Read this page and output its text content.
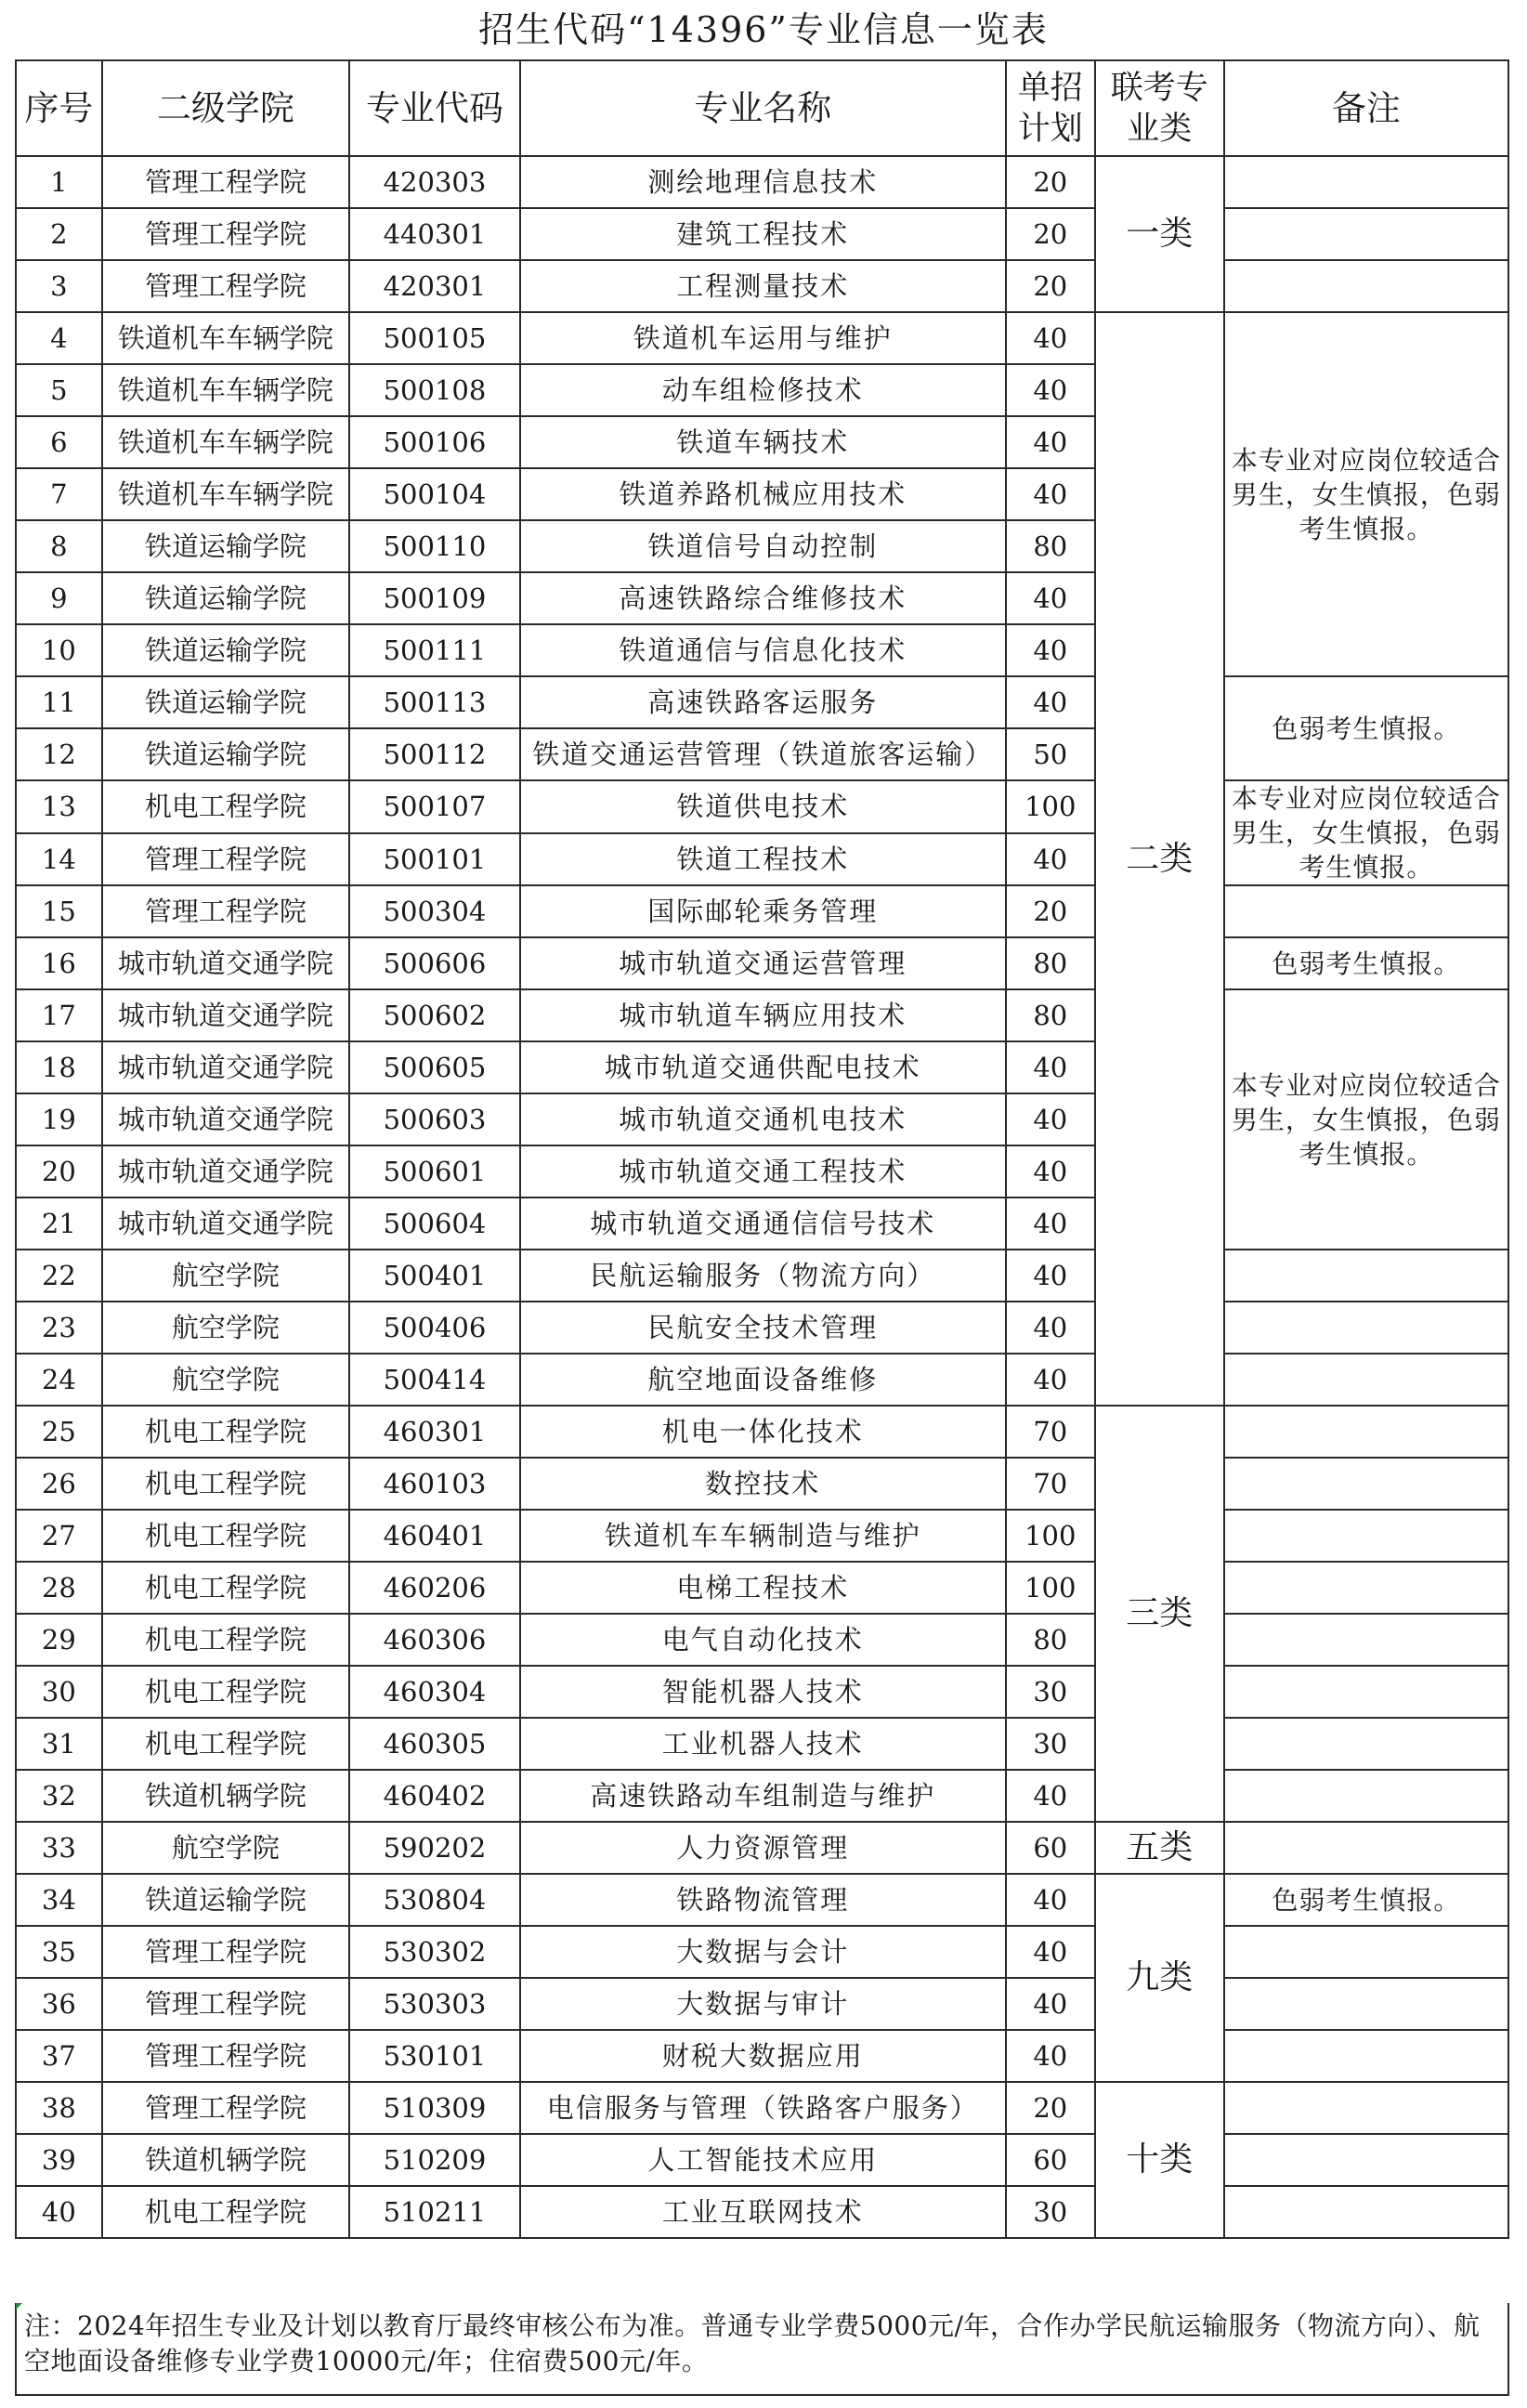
招生代码“14396”专业信息一览表
序号	二级学院	专业代码	专业名称	单招计划	联考专业类	备注
1	管理工程学院	420303	测绘地理信息技术	20	一类	
2	管理工程学院	440301	建筑工程技术	20		
3	管理工程学院	420301	工程测量技术	20		
4	铁道机车车辆学院	500105	铁道机车运用与维护	40	二类	本专业对应岗位较适合男生，女生慎报，色弱考生慎报。
5	铁道机车车辆学院	500108	动车组检修技术	40		
6	铁道机车车辆学院	500106	铁道车辆技术	40		
7	铁道机车车辆学院	500104	铁道养路机械应用技术	40		
8	铁道运输学院	500110	铁道信号自动控制	80		
9	铁道运输学院	500109	高速铁路综合维修技术	40		
10	铁道运输学院	500111	铁道通信与信息化技术	40		
11	铁道运输学院	500113	高速铁路客运服务	40		色弱考生慎报。
12	铁道运输学院	500112	铁道交通运营管理（铁道旅客运输）	50		
13	机电工程学院	500107	铁道供电技术	100		本专业对应岗位较适合男生，女生慎报，色弱考生慎报。
14	管理工程学院	500101	铁道工程技术	40		
15	管理工程学院	500304	国际邮轮乘务管理	20		
16	城市轨道交通学院	500606	城市轨道交通运营管理	80		色弱考生慎报。
17	城市轨道交通学院	500602	城市轨道车辆应用技术	80		本专业对应岗位较适合男生，女生慎报，色弱考生慎报。
18	城市轨道交通学院	500605	城市轨道交通供配电技术	40		
19	城市轨道交通学院	500603	城市轨道交通机电技术	40		
20	城市轨道交通学院	500601	城市轨道交通工程技术	40		
21	城市轨道交通学院	500604	城市轨道交通通信信号技术	40		
22	航空学院	500401	民航运输服务（物流方向）	40		
23	航空学院	500406	民航安全技术管理	40		
24	航空学院	500414	航空地面设备维修	40		
25	机电工程学院	460301	机电一体化技术	70	三类	
26	机电工程学院	460103	数控技术	70		
27	机电工程学院	460401	铁道机车车辆制造与维护	100		
28	机电工程学院	460206	电梯工程技术	100		
29	机电工程学院	460306	电气自动化技术	80		
30	机电工程学院	460304	智能机器人技术	30		
31	机电工程学院	460305	工业机器人技术	30		
32	铁道机辆学院	460402	高速铁路动车组制造与维护	40		
33	航空学院	590202	人力资源管理	60	五类	
34	铁道运输学院	530804	铁路物流管理	40	九类	色弱考生慎报。
35	管理工程学院	530302	大数据与会计	40		
36	管理工程学院	530303	大数据与审计	40		
37	管理工程学院	530101	财税大数据应用	40		
38	管理工程学院	510309	电信服务与管理（铁路客户服务）	20	十类	
39	铁道机辆学院	510209	人工智能技术应用	60		
40	机电工程学院	510211	工业互联网技术	30		
注：2024年招生专业及计划以教育厅最终审核公布为准。普通专业学费5000元/年，合作办学民航运输服务（物流方向）、航空地面设备维修专业学费10000元/年；住宿费500元/年。
